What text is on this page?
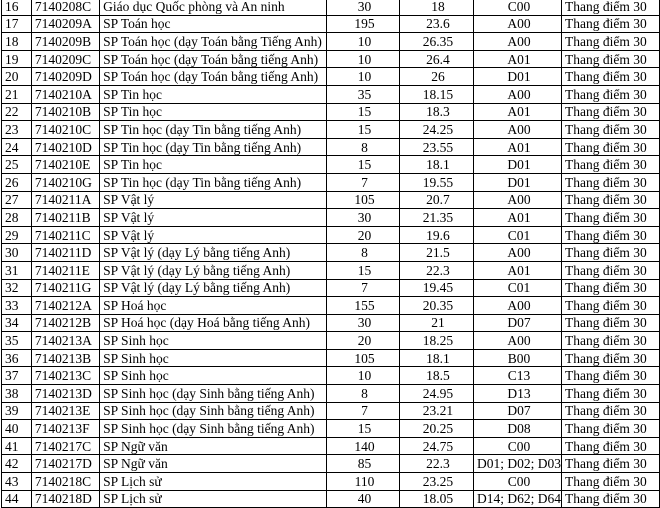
16	7140208C	Giáo dục Quốc phòng và An ninh	30	18	C00	Thang điểm 30
17	7140209A	SP Toán học	195	23.6	A00	Thang điểm 30
18	7140209B	SP Toán học (dạy Toán bằng Tiếng Anh)	10	26.35	A00	Thang điểm 30
19	7140209C	SP Toán học (dạy Toán bằng tiếng Anh)	10	26.4	A01	Thang điểm 30
20	7140209D	SP Toán học (dạy Toán bằng tiếng Anh)	10	26	D01	Thang điểm 30
21	7140210A	SP Tin học	35	18.15	A00	Thang điểm 30
22	7140210B	SP Tin học	15	18.3	A01	Thang điểm 30
23	7140210C	SP Tin học (dạy Tin bằng tiếng Anh)	15	24.25	A00	Thang điểm 30
24	7140210D	SP Tin học (dạy Tin bằng tiếng Anh)	8	23.55	A01	Thang điểm 30
25	7140210E	SP Tin học	15	18.1	D01	Thang điểm 30
26	7140210G	SP Tin học (dạy Tin bằng tiếng Anh)	7	19.55	D01	Thang điểm 30
27	7140211A	SP Vật lý	105	20.7	A00	Thang điểm 30
28	7140211B	SP Vật lý	30	21.35	A01	Thang điểm 30
29	7140211C	SP Vật lý	20	19.6	C01	Thang điểm 30
30	7140211D	SP Vật lý (dạy Lý bằng tiếng Anh)	8	21.5	A00	Thang điểm 30
31	7140211E	SP Vật lý (dạy Lý bằng tiếng Anh)	15	22.3	A01	Thang điểm 30
32	7140211G	SP Vật lý (dạy Lý bằng tiếng Anh)	7	19.45	C01	Thang điểm 30
33	7140212A	SP Hoá học	155	20.35	A00	Thang điểm 30
34	7140212B	SP Hoá học (dạy Hoá bằng tiếng Anh)	30	21	D07	Thang điểm 30
35	7140213A	SP Sinh học	20	18.25	A00	Thang điểm 30
36	7140213B	SP Sinh học	105	18.1	B00	Thang điểm 30
37	7140213C	SP Sinh học	10	18.5	C13	Thang điểm 30
38	7140213D	SP Sinh học (dạy Sinh bằng tiếng Anh)	8	24.95	D13	Thang điểm 30
39	7140213E	SP Sinh học (dạy Sinh bằng tiếng Anh)	7	23.21	D07	Thang điểm 30
40	7140213F	SP Sinh học (dạy Sinh bằng tiếng Anh)	15	20.25	D08	Thang điểm 30
41	7140217C	SP Ngữ văn	140	24.75	C00	Thang điểm 30
42	7140217D	SP Ngữ văn	85	22.3	D01; D02; D03	Thang điểm 30
43	7140218C	SP Lịch sử	110	23.25	C00	Thang điểm 30
44	7140218D	SP Lịch sử	40	18.05	D14; D62; D64	Thang điểm 30
